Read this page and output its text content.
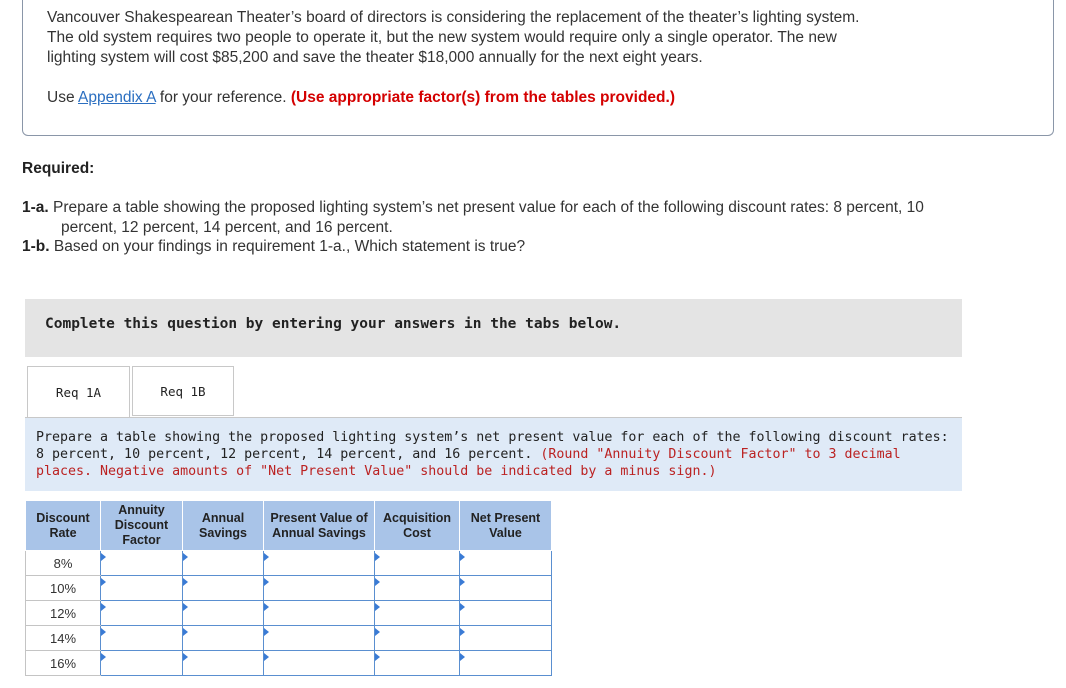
Vancouver Shakespearean Theater’s board of directors is considering the replacement of the theater’s lighting system.

The old system requires two people to operate it, but the new system would require only a single operator. The new

lighting system will cost $85,200 and save the theater $18,000 annually for the next eight years.

Use Appendix A for your reference. (Use appropriate factor(s) from the tables provided.)
Required:
1-a. Prepare a table showing the proposed lighting system’s net present value for each of the following discount rates: 8 percent, 10
percent, 12 percent, 14 percent, and 16 percent.
1-b. Based on your findings in requirement 1-a., Which statement is true?
Complete this question by entering your answers in the tabs below.
Req 1A	Req 1B
Prepare a table showing the proposed lighting system’s net present value for each of the following discount rates: 8 percent, 10 percent, 12 percent, 14 percent, and 16 percent. (Round "Annuity Discount Factor" to 3 decimal places. Negative amounts of "Net Present Value" should be indicated by a minus sign.)
Discount Rate	Annuity Discount Factor	Annual Savings	Present Value of Annual Savings	Acquisition Cost	Net Present Value
8%					
10%					
12%					
14%					
16%					
